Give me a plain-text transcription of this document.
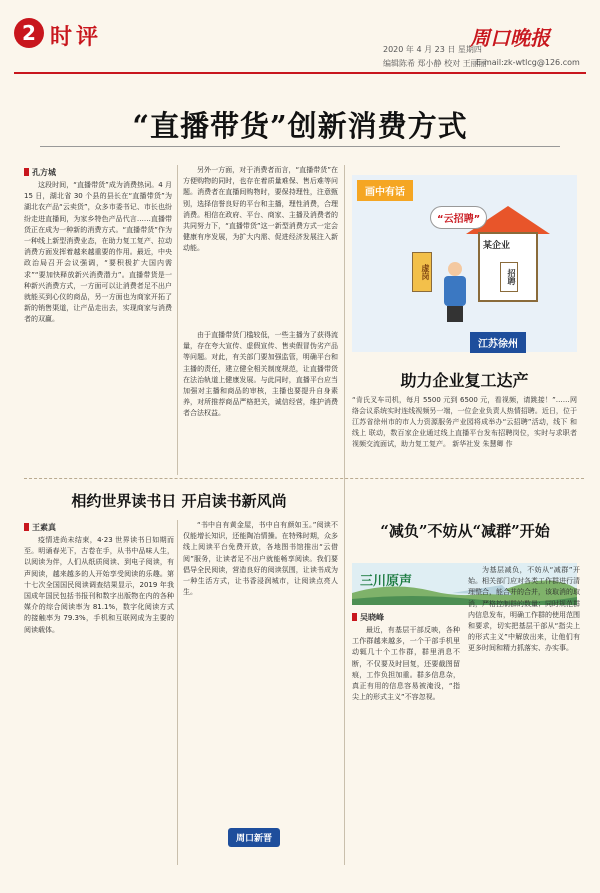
2 时评	2020 年 4 月 23 日 星期四
编辑陈希 郑小静 校对 王丽丽
E-mail:zk-wtlcg@126.com
周口晚报
“直播带货”创新消费方式
孔方城

这段时间，“直播带货”成为消费热词。4 月 15 日，湖北省 30 个县的县长在“直播带货”为湖北农产品“云卖货”，众多市委书记、市长也纷纷走进直播间，为家乡特色产品代言……直播带货正在成为一种新的消费方式。“直播带货”作为一种线上新型消费业态，在助力复工复产、拉动消费方面发挥着越来越重要的作用。最近，中央政治局召开会议强调，“要积极扩大国内需求”“要加快释放新兴消费潜力”。直播带货是一种新兴消费方式，一方面可以让消费者足不出户就能买到心仪的商品，另一方面也为商家开拓了新的销售渠道，让产品走出去，实现商家与消费者的双赢。

另外一方面，对于消费者而言，“直播带货”在方便购物的同时，也存在着质量难保、售后难等问题。消费者在直播间购物时，要保持理性，注意甄别，选择信誉良好的平台和主播，理性消费，合理消费。相信在政府、平台、商家、主播及消费者的共同努力下，“直播带货”这一新型消费方式一定会健康有序发展，为扩大内需、促进经济发展注入新动能。

由于直播带货门槛较低，一些主播为了获得流量，存在夸大宣传、虚假宣传、售卖假冒伪劣产品等问题。对此，有关部门要加强监管，明确平台和主播的责任，建立健全相关制度规范，让直播带货在法治轨道上健康发展。与此同时，直播平台应当加强对主播和商品的审核，主播也要提升自身素养，对所推荐商品严格把关，诚信经营，维护消费者合法权益。

画中有话
某企业
“云招聘”
虚岗	招聘
江苏徐州
助力企业复工达产
“肯氏叉车司机，每月 5500 元到 6500 元，看视频，请跳接！”……网络会议系统实时连线视频另一端，一位企业负责人热情招聘。近日，位于江苏省徐州市的市人力资源服务产业园将成举办“云招聘”活动，线下 和线上 联动，数百家企业通过线上直播平台发布招聘岗位，实时与求职者视频交流面试，助力复工复产。 新华社发 朱慧卿 作
相约世界读书日 开启读书新风尚
王素真

疫情进尚未结束，4·23 世界读书日如期而至。明诵春光下，古卷在手，从书中品味人生，以阅读为伴，人们从纸质阅读、到电子阅读，有声阅读，越来越多的人开始享受阅读的乐趣。第十七次全国国民阅读调查结果显示，2019 年我国成年国民包括书报刊和数字出版物在内的各种媒介的综合阅读率为 81.1%，数字化阅读方式的接触率为 79.3%，手机和互联网成为主要的阅读载体。

“书中自有黄金屋，书中自有颜如玉。”阅读不仅能增长知识，还能陶冶情操。在特殊时期，众多线上阅读平台免费开放，各地图书馆推出“云借阅”服务，让读者足不出户就能畅享阅读。我们要倡导全民阅读，营造良好的阅读氛围，让读书成为一种生活方式，让书香浸润城市，让阅读点亮人生。

周口新晋
“减负”不妨从“减群”开始
三川原声
吴晓峰

最近，有基层干部反映，各种工作群越来越多，一个干部手机里动辄几十个工作群，群里消息不断，不仅要及时回复，还要截图留痕，工作负担加重。群多信息杂，真正有用的信息容易被淹没，“指尖上的形式主义”不容忽视。

为基层减负，不妨从“减群”开始。相关部门应对各类工作群进行清理整合，能合并的合并，该取消的取消，严格控制群的数量；同时规范群内信息发布，明确工作群的使用范围和要求，切实把基层干部从“指尖上的形式主义”中解放出来，让他们有更多时间和精力抓落实、办实事。
